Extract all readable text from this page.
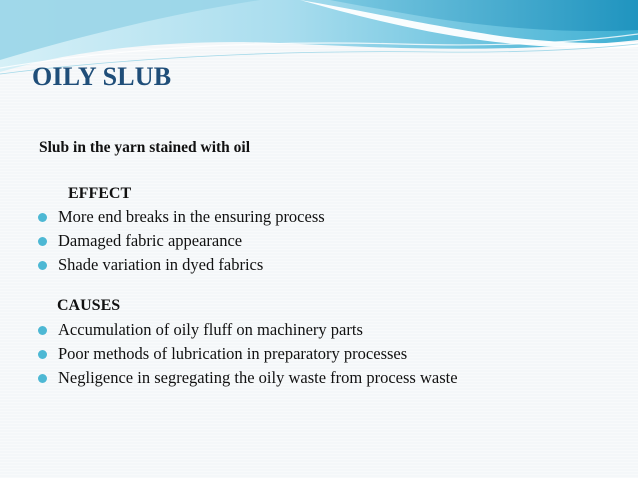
OILY SLUB

Slub in the yarn stained with oil

EFFECT

More end breaks in the ensuring process
Damaged fabric appearance
Shade variation in dyed fabrics

CAUSES

Accumulation of oily fluff on machinery parts
Poor methods of lubrication in preparatory processes
Negligence in segregating the oily waste from process waste
